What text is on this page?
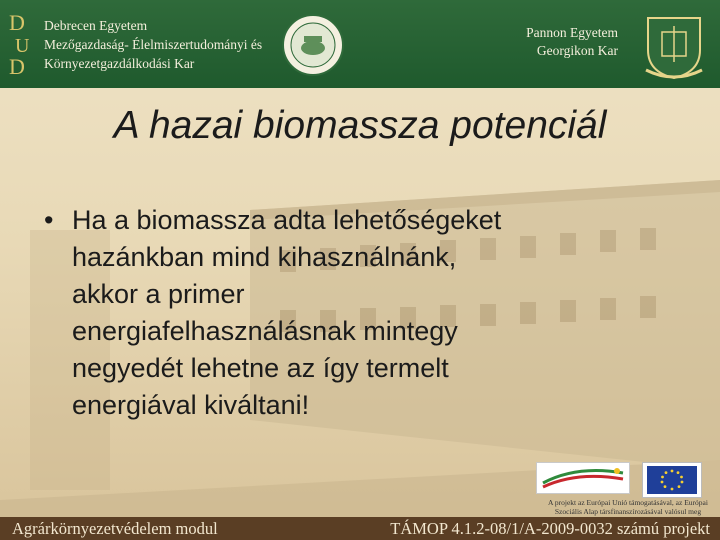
D
U
D
Debrecen Egyetem
Mezőgazdaság- Élelmiszertudományi és
Környezetgazdálkodási Kar
Pannon Egyetem
Georgikon Kar
A hazai biomassza potenciál
• Ha a biomassza adta lehetőségeket
hazánkban mind kihasználnánk,
akkor a primer
energiafelhasználásnak mintegy
negyedét lehetne az így termelt
energiával kiváltani!
A projekt az Európai Unió támogatásával, az Európai
Szociális Alap társfinanszírozásával valósul meg
Agrárkörnyezetvédelem modul	TÁMOP 4.1.2-08/1/A-2009-0032 számú projekt
